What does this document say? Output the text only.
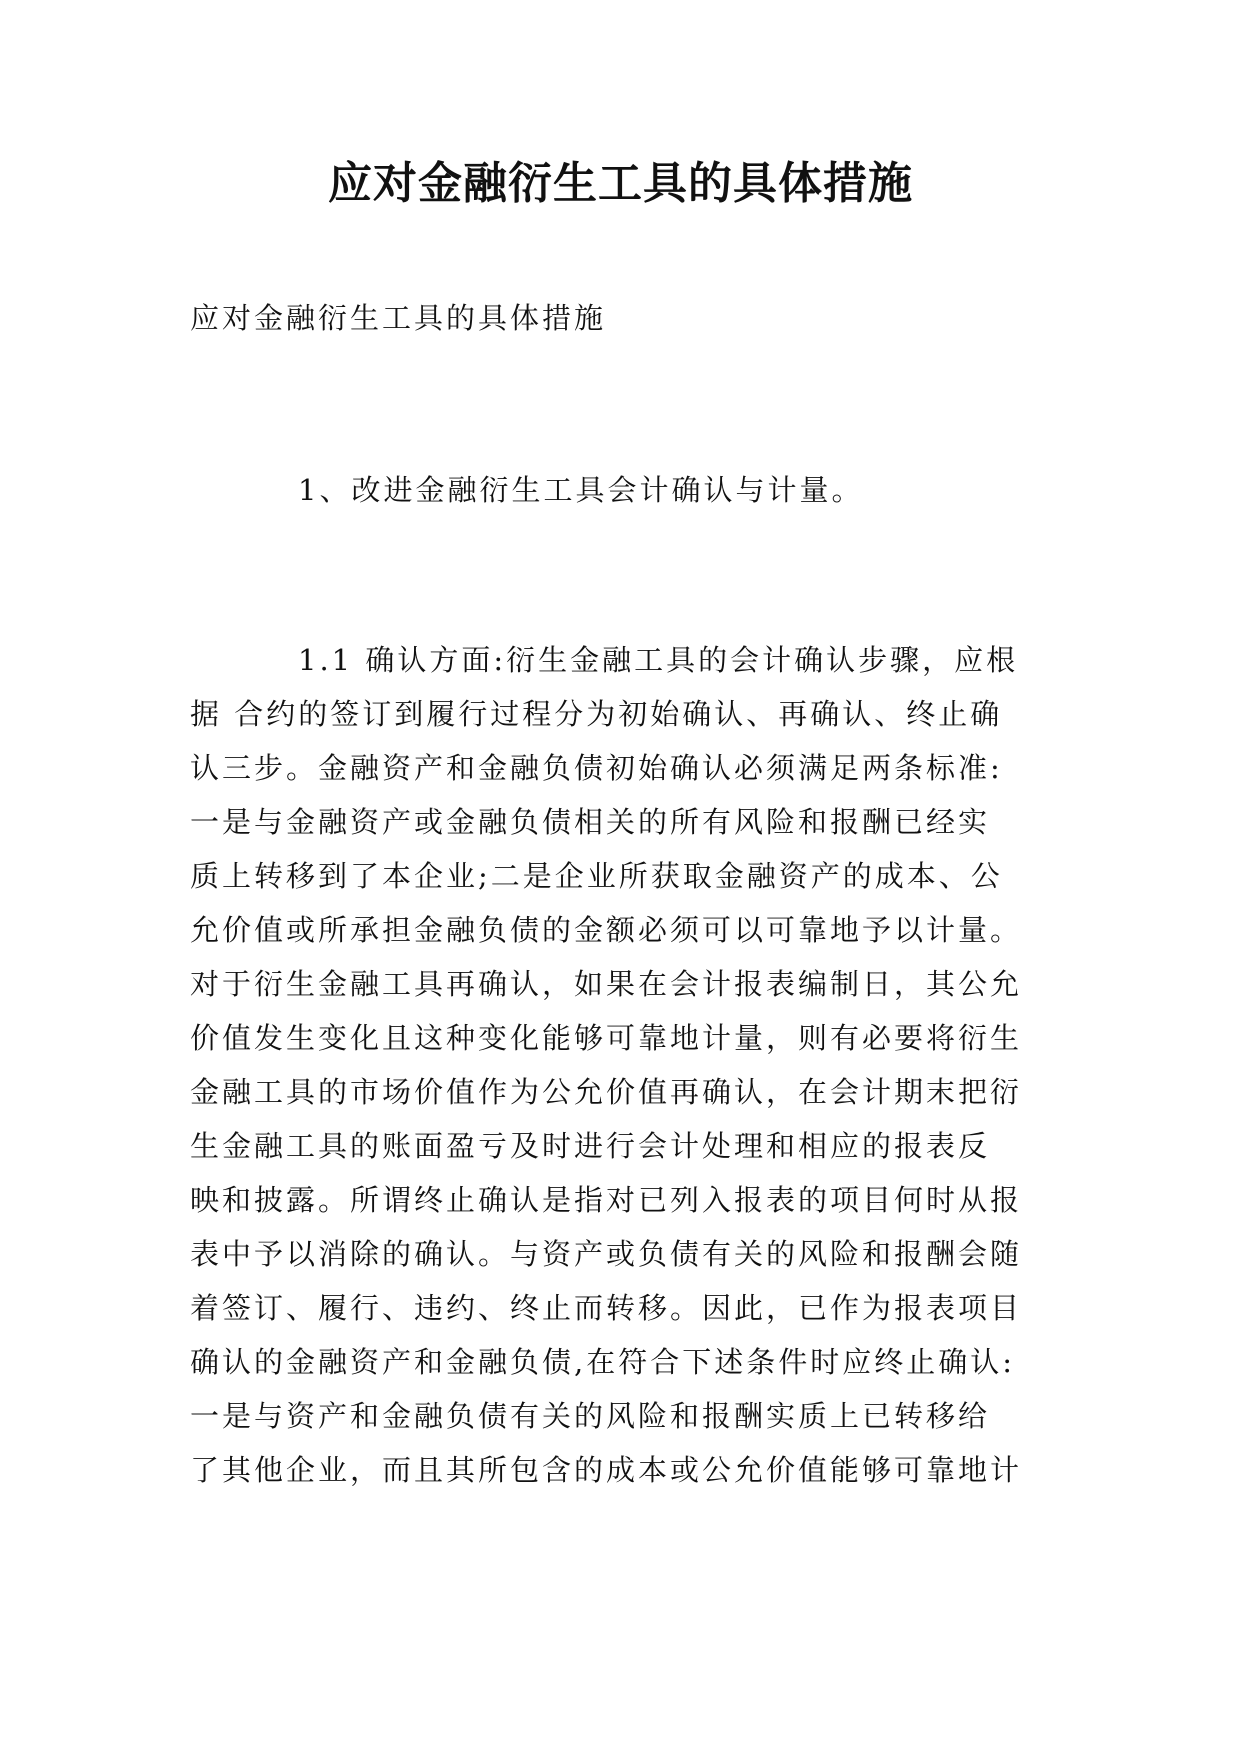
应对金融衍生工具的具体措施

应对金融衍生工具的具体措施

1、改进金融衍生工具会计确认与计量。

1.1 确认方面:衍生金融工具的会计确认步骤，应根

据 合约的签订到履行过程分为初始确认、再确认、终止确

认三步。金融资产和金融负债初始确认必须满足两条标准:

一是与金融资产或金融负债相关的所有风险和报酬已经实

质上转移到了本企业;二是企业所获取金融资产的成本、公

允价值或所承担金融负债的金额必须可以可靠地予以计量。

对于衍生金融工具再确认，如果在会计报表编制日，其公允

价值发生变化且这种变化能够可靠地计量，则有必要将衍生

金融工具的市场价值作为公允价值再确认，在会计期末把衍

生金融工具的账面盈亏及时进行会计处理和相应的报表反

映和披露。所谓终止确认是指对已列入报表的项目何时从报

表中予以消除的确认。与资产或负债有关的风险和报酬会随

着签订、履行、违约、终止而转移。因此，已作为报表项目

确认的金融资产和金融负债,在符合下述条件时应终止确认:

一是与资产和金融负债有关的风险和报酬实质上已转移给

了其他企业，而且其所包含的成本或公允价值能够可靠地计
